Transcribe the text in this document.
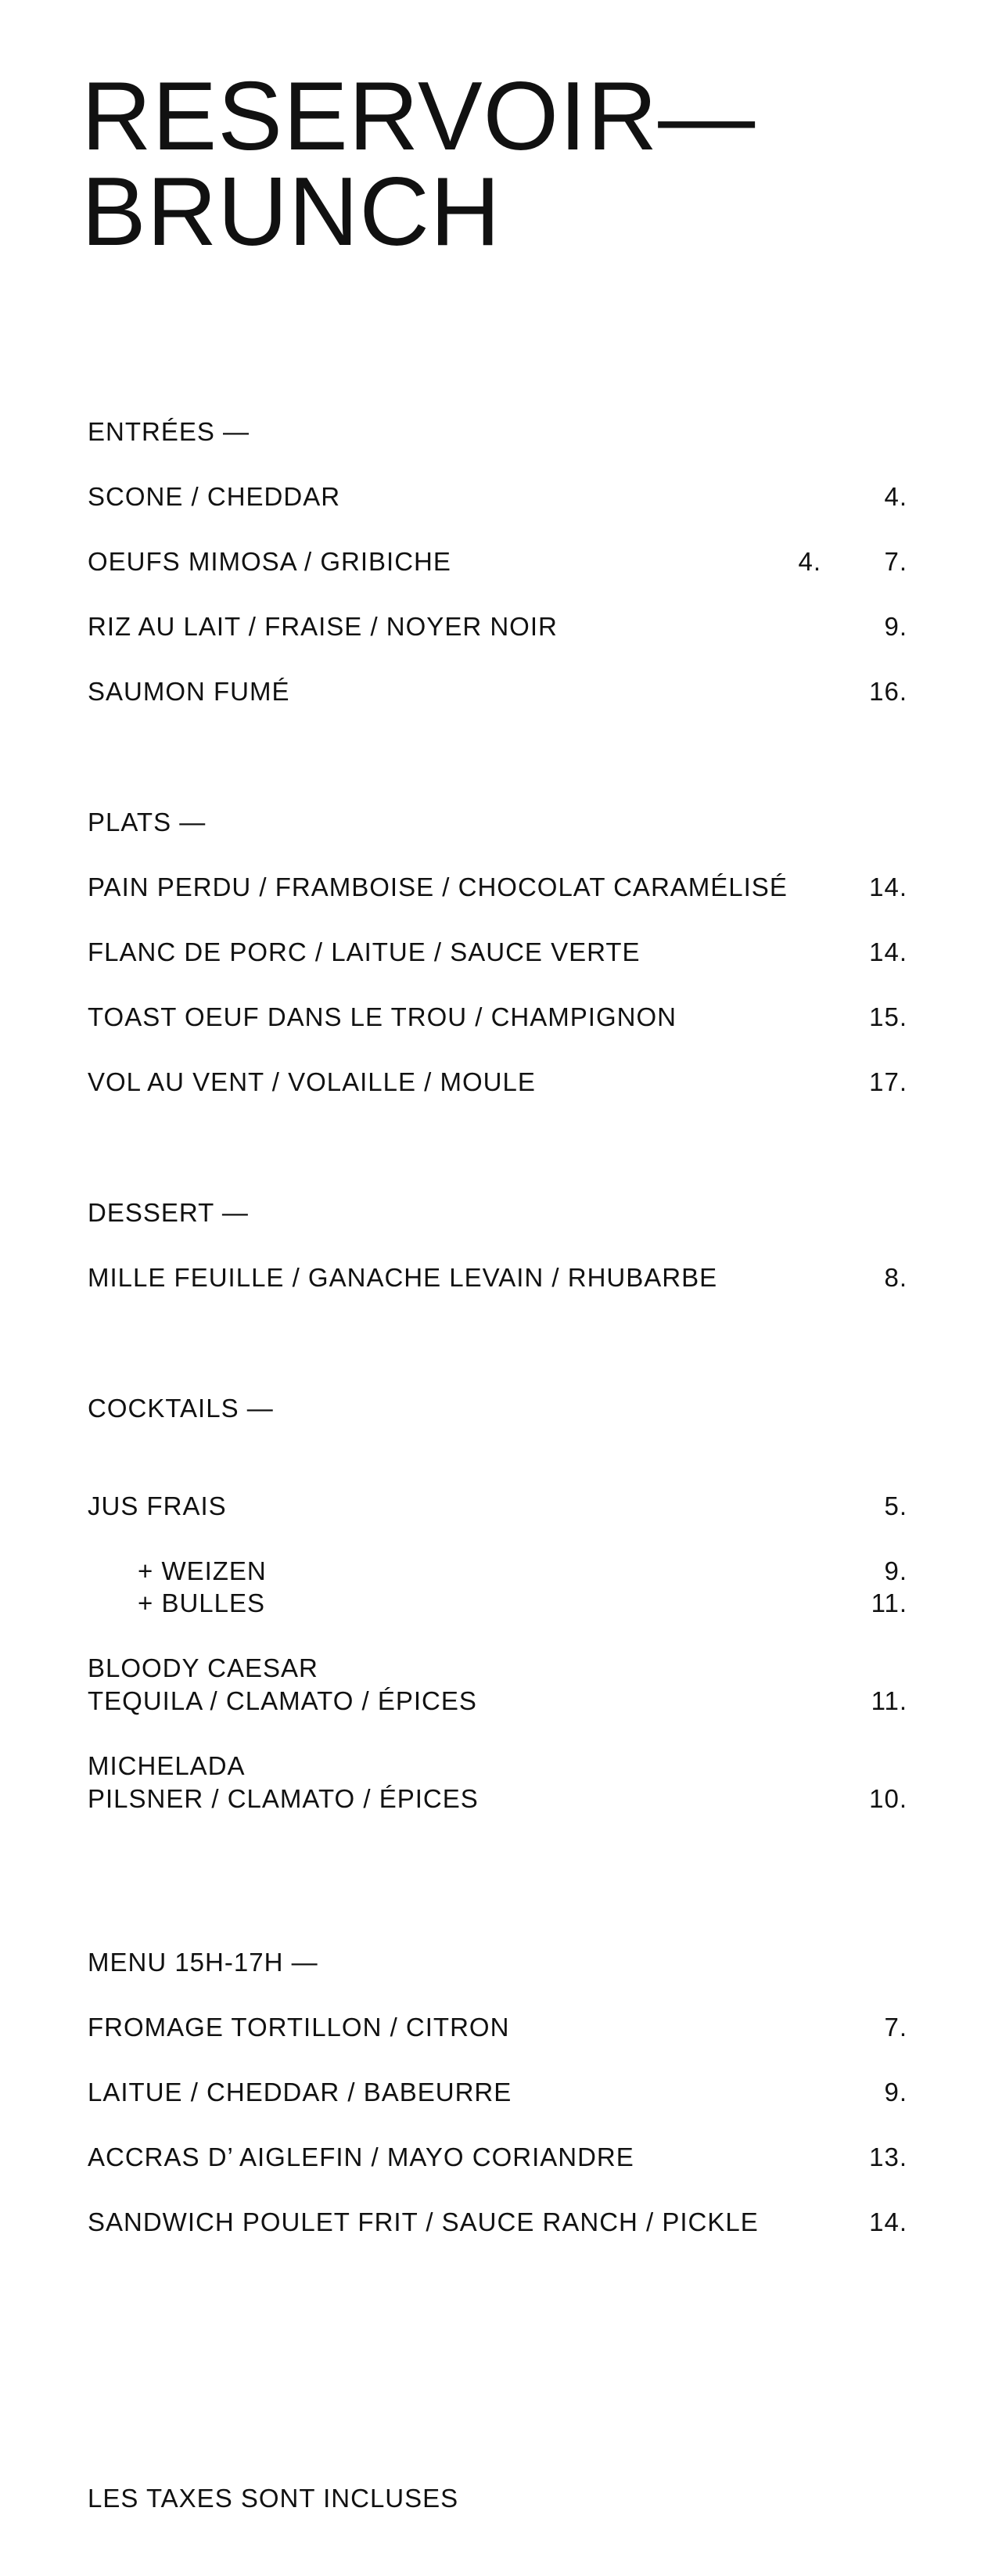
RESERVOIR—
BRUNCH
ENTRÉES —
SCONE / CHEDDAR	4.
OEUFS MIMOSA / GRIBICHE	4. 7.
RIZ AU LAIT / FRAISE / NOYER NOIR	9.
SAUMON FUMÉ	16.
PLATS —
PAIN PERDU / FRAMBOISE / CHOCOLAT CARAMÉLISÉ	14.
FLANC DE PORC / LAITUE / SAUCE VERTE	14.
TOAST OEUF DANS LE TROU / CHAMPIGNON	15.
VOL AU VENT / VOLAILLE / MOULE	17.
DESSERT —
MILLE FEUILLE / GANACHE LEVAIN / RHUBARBE	8.
COCKTAILS —
JUS FRAIS	5.
+ WEIZEN	9.
+ BULLES	11.
BLOODY CAESAR
TEQUILA / CLAMATO / ÉPICES	11.
MICHELADA
PILSNER / CLAMATO / ÉPICES	10.
MENU 15H-17H —
FROMAGE TORTILLON / CITRON	7.
LAITUE / CHEDDAR / BABEURRE	9.
ACCRAS D’ AIGLEFIN / MAYO CORIANDRE	13.
SANDWICH POULET FRIT / SAUCE RANCH / PICKLE	14.
LES TAXES SONT INCLUSES
